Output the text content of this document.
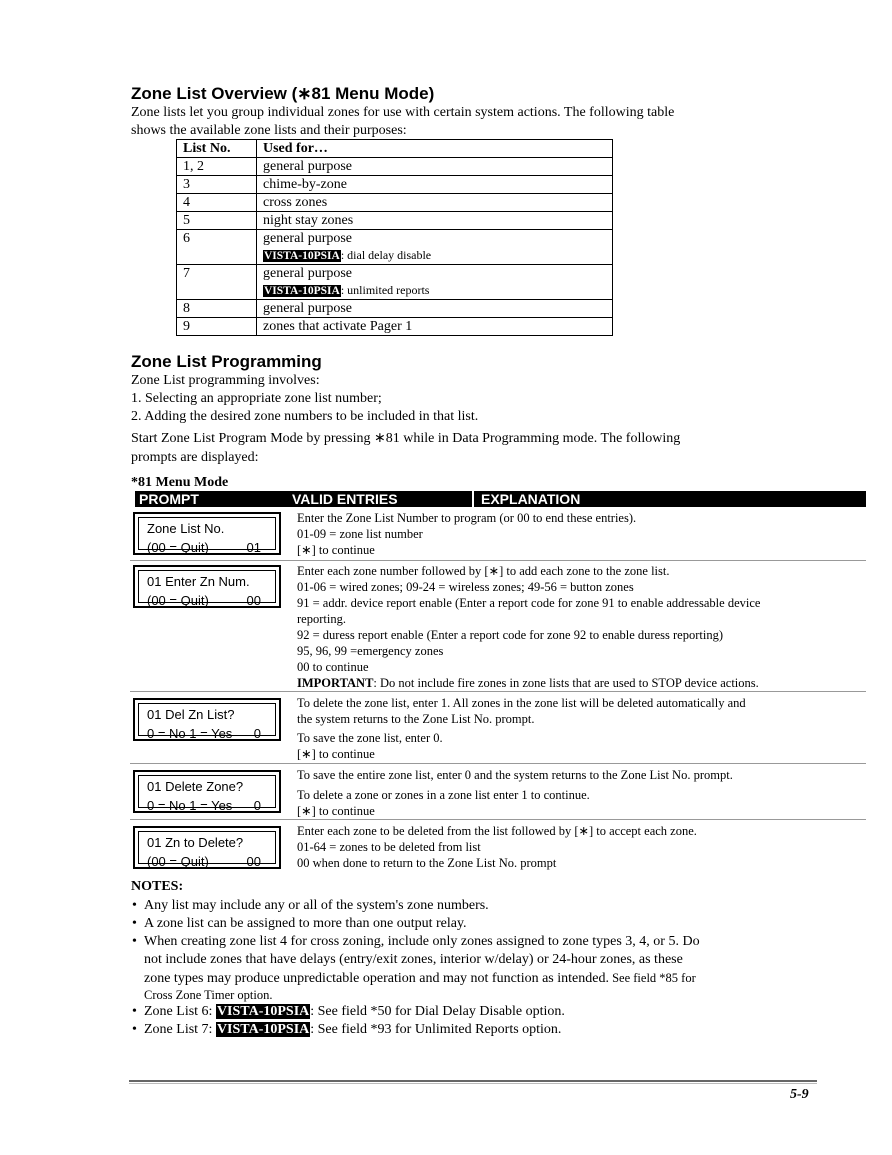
Zone List Overview (∗81 Menu Mode)
Zone lists let you group individual zones for use with certain system actions. The following table
shows the available zone lists and their purposes:
List No.	Used for…
1, 2	general purpose
3	chime-by-zone
4	cross zones
5	night stay zones
6	general purpose
VISTA-10PSIA: dial delay disable

7	general purpose
VISTA-10PSIA: unlimited reports

8	general purpose
9	zones that activate Pager 1
Zone List Programming
Zone List programming involves:
1. Selecting an appropriate zone list number;
2. Adding the desired zone numbers to be included in that list.
Start Zone List Program Mode by pressing ∗81 while in Data Programming mode. The following
prompts are displayed:
*81 Menu Mode
PROMPT	VALID ENTRIES	EXPLANATION
Zone List No.
(00 = Quit)	01
Enter the Zone List Number to program (or 00 to end these entries).
01-09 = zone list number
[∗] to continue
01 Enter Zn Num.
(00 = Quit)	00
Enter each zone number followed by [∗] to add each zone to the zone list.
01-06 = wired zones; 09-24 = wireless zones; 49-56 = button zones
91 = addr. device report enable (Enter a report code for zone 91 to enable addressable device
reporting.
92 = duress report enable (Enter a report code for zone 92 to enable duress reporting)
95, 96, 99 =emergency zones
00 to continue
IMPORTANT: Do not include fire zones in zone lists that are used to STOP device actions.
01 Del Zn List?
0 = No 1 = Yes 0
To delete the zone list, enter 1. All zones in the zone list will be deleted automatically and
the system returns to the Zone List No. prompt.
To save the zone list, enter 0.
[∗] to continue
01 Delete Zone?
0 = No 1 = Yes 0
To save the entire zone list, enter 0 and the system returns to the Zone List No. prompt.
To delete a zone or zones in a zone list enter 1 to continue.
[∗] to continue
01 Zn to Delete?
(00 = Quit)	00
Enter each zone to be deleted from the list followed by [∗] to accept each zone.
01-64 = zones to be deleted from list
00 when done to return to the Zone List No. prompt
NOTES:
• Any list may include any or all of the system's zone numbers.
• A zone list can be assigned to more than one output relay.
• When creating zone list 4 for cross zoning, include only zones assigned to zone types 3, 4, or 5. Do
not include zones that have delays (entry/exit zones, interior w/delay) or 24-hour zones, as these
zone types may produce unpredictable operation and may not function as intended. See field *85 for
Cross Zone Timer option.
• Zone List 6: VISTA-10PSIA: See field *50 for Dial Delay Disable option.
• Zone List 7: VISTA-10PSIA: See field *93 for Unlimited Reports option.
5-9
